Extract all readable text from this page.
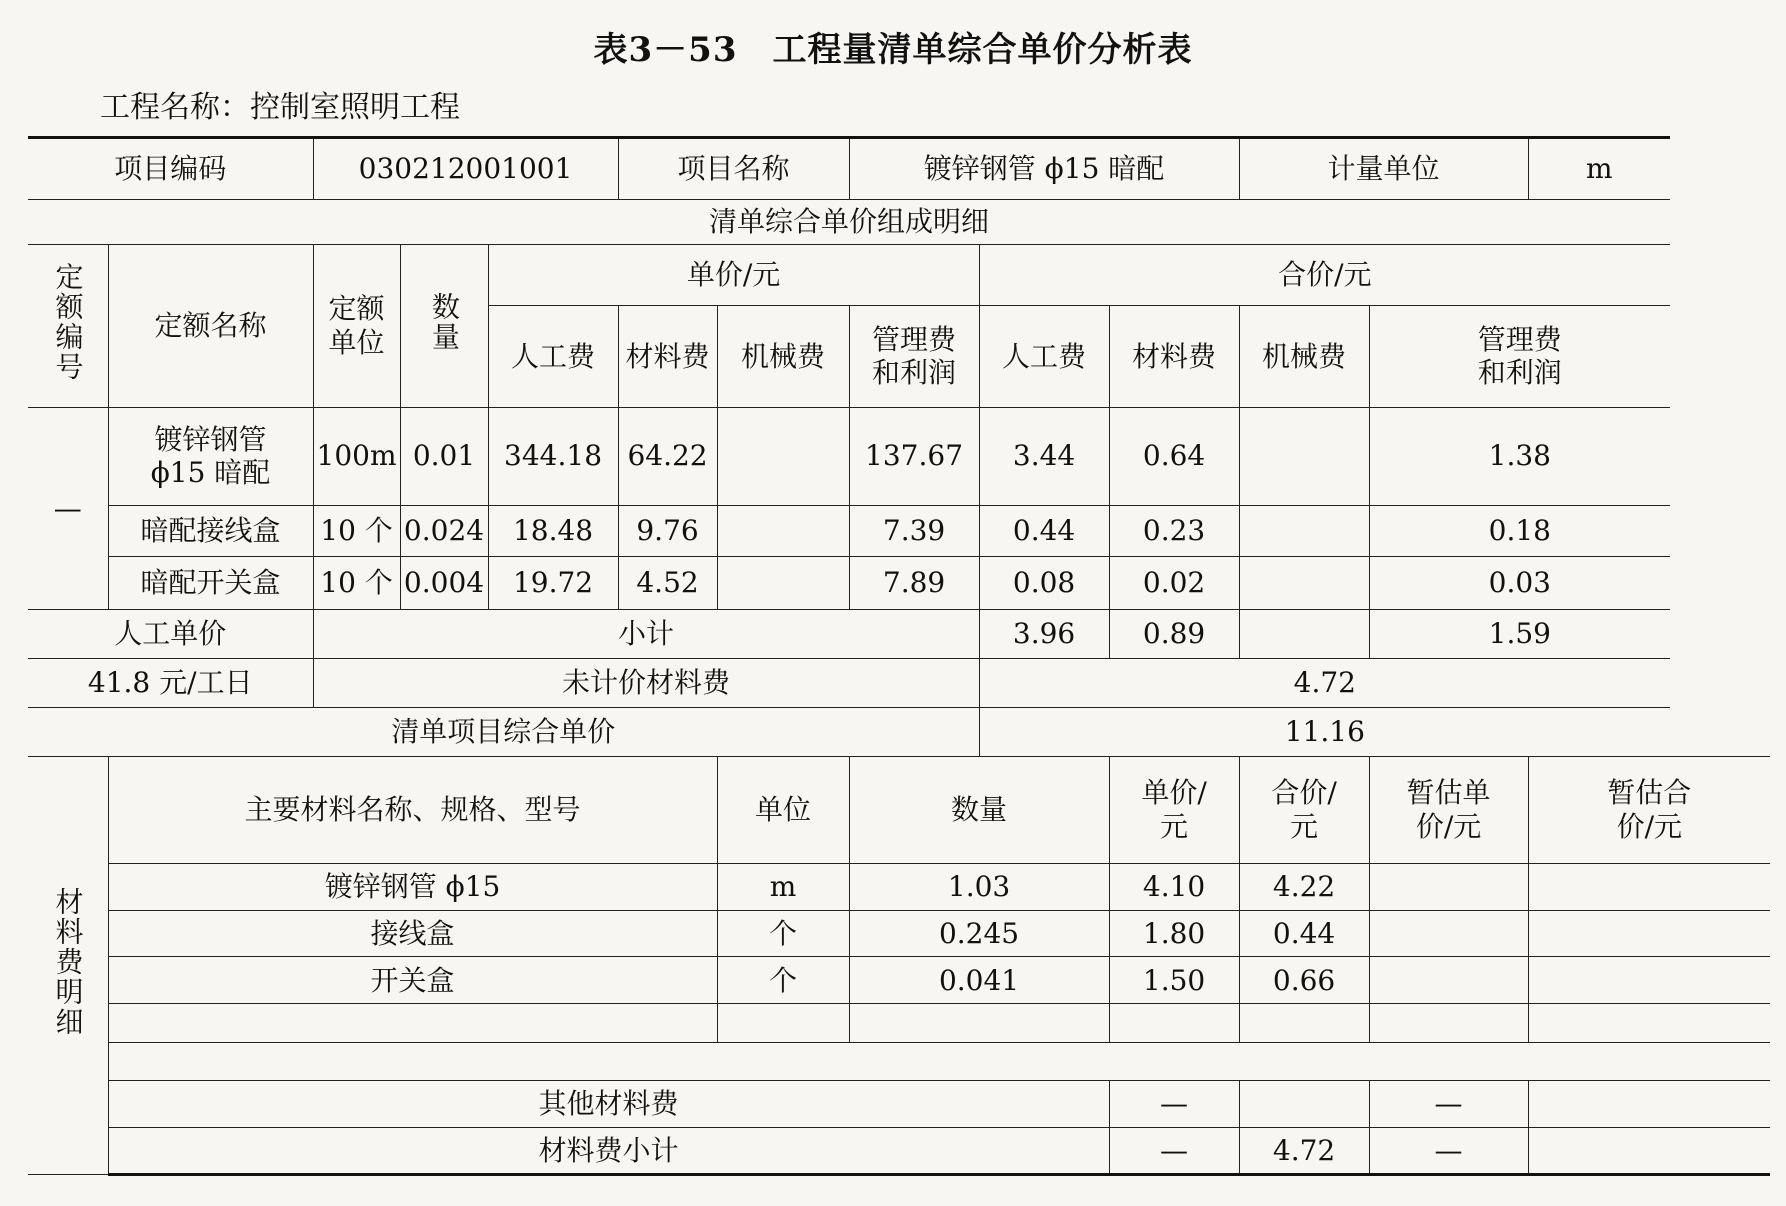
表3－53　工程量清单综合单价分析表
工程名称：控制室照明工程
项目编码		030212001001			项目名称		镀锌钢管 ϕ15 暗配			计量单位		m
清单综合单价组成明细												
定额编号	定额名称	定额单位	数量	单价/元				合价/元				
				人工费	材料费	机械费	管理费和利润	人工费	材料费	机械费	管理费和利润	

—	镀锌钢管 ϕ15 暗配	100m	0.01	344.18	64.22		137.67	3.44	0.64		1.38	
	暗配接线盒	10 个	0.024	18.48	9.76		7.39	0.44	0.23		0.18	
	暗配开关盒	10 个	0.004	19.72	4.52		7.89	0.08	0.02		0.03	
人工单价		小计						3.96	0.89		1.59	
41.8 元/工日		未计价材料费						4.72				
清单项目综合单价								11.16				
材料费明细	主要材料名称、规格、型号					单位	数量		单价/元	合价/元	暂估单价/元	暂估合价/元

	镀锌钢管 ϕ15					m	1.03		4.10	4.22		
	接线盒					个	0.245		1.80	0.44		
	开关盒					个	0.041		1.50	0.66		

	其他材料费								—		—	
	材料费小计								—	4.72	—	
